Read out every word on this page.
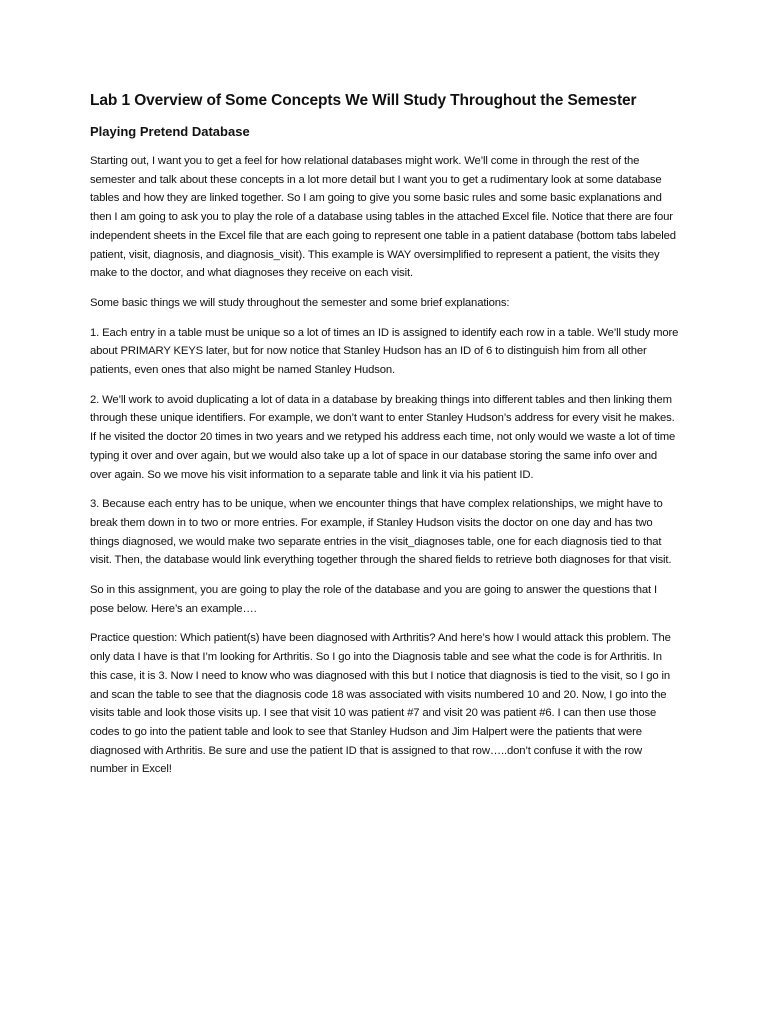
Lab 1 Overview of Some Concepts We Will Study Throughout the Semester
Playing Pretend Database

Starting out, I want you to get a feel for how relational databases might work. We’ll come in through the rest of the semester and talk about these concepts in a lot more detail but I want you to get a rudimentary look at some database tables and how they are linked together. So I am going to give you some basic rules and some basic explanations and then I am going to ask you to play the role of a database using tables in the attached Excel file. Notice that there are four independent sheets in the Excel file that are each going to represent one table in a patient database (bottom tabs labeled patient, visit, diagnosis, and diagnosis_visit). This example is WAY oversimplified to represent a patient, the visits they make to the doctor, and what diagnoses they receive on each visit.

Some basic things we will study throughout the semester and some brief explanations:

1. Each entry in a table must be unique so a lot of times an ID is assigned to identify each row in a table. We’ll study more about PRIMARY KEYS later, but for now notice that Stanley Hudson has an ID of 6 to distinguish him from all other patients, even ones that also might be named Stanley Hudson.

2. We’ll work to avoid duplicating a lot of data in a database by breaking things into different tables and then linking them through these unique identifiers. For example, we don’t want to enter Stanley Hudson’s address for every visit he makes. If he visited the doctor 20 times in two years and we retyped his address each time, not only would we waste a lot of time typing it over and over again, but we would also take up a lot of space in our database storing the same info over and over again. So we move his visit information to a separate table and link it via his patient ID.

3. Because each entry has to be unique, when we encounter things that have complex relationships, we might have to break them down in to two or more entries. For example, if Stanley Hudson visits the doctor on one day and has two things diagnosed, we would make two separate entries in the visit_diagnoses table, one for each diagnosis tied to that visit. Then, the database would link everything together through the shared fields to retrieve both diagnoses for that visit.

So in this assignment, you are going to play the role of the database and you are going to answer the questions that I pose below. Here’s an example….

Practice question: Which patient(s) have been diagnosed with Arthritis? And here’s how I would attack this problem. The only data I have is that I’m looking for Arthritis. So I go into the Diagnosis table and see what the code is for Arthritis. In this case, it is 3. Now I need to know who was diagnosed with this but I notice that diagnosis is tied to the visit, so I go in and scan the table to see that the diagnosis code 18 was associated with visits numbered 10 and 20. Now, I go into the visits table and look those visits up. I see that visit 10 was patient #7 and visit 20 was patient #6. I can then use those codes to go into the patient table and look to see that Stanley Hudson and Jim Halpert were the patients that were diagnosed with Arthritis. Be sure and use the patient ID that is assigned to that row…..don’t confuse it with the row number in Excel!
